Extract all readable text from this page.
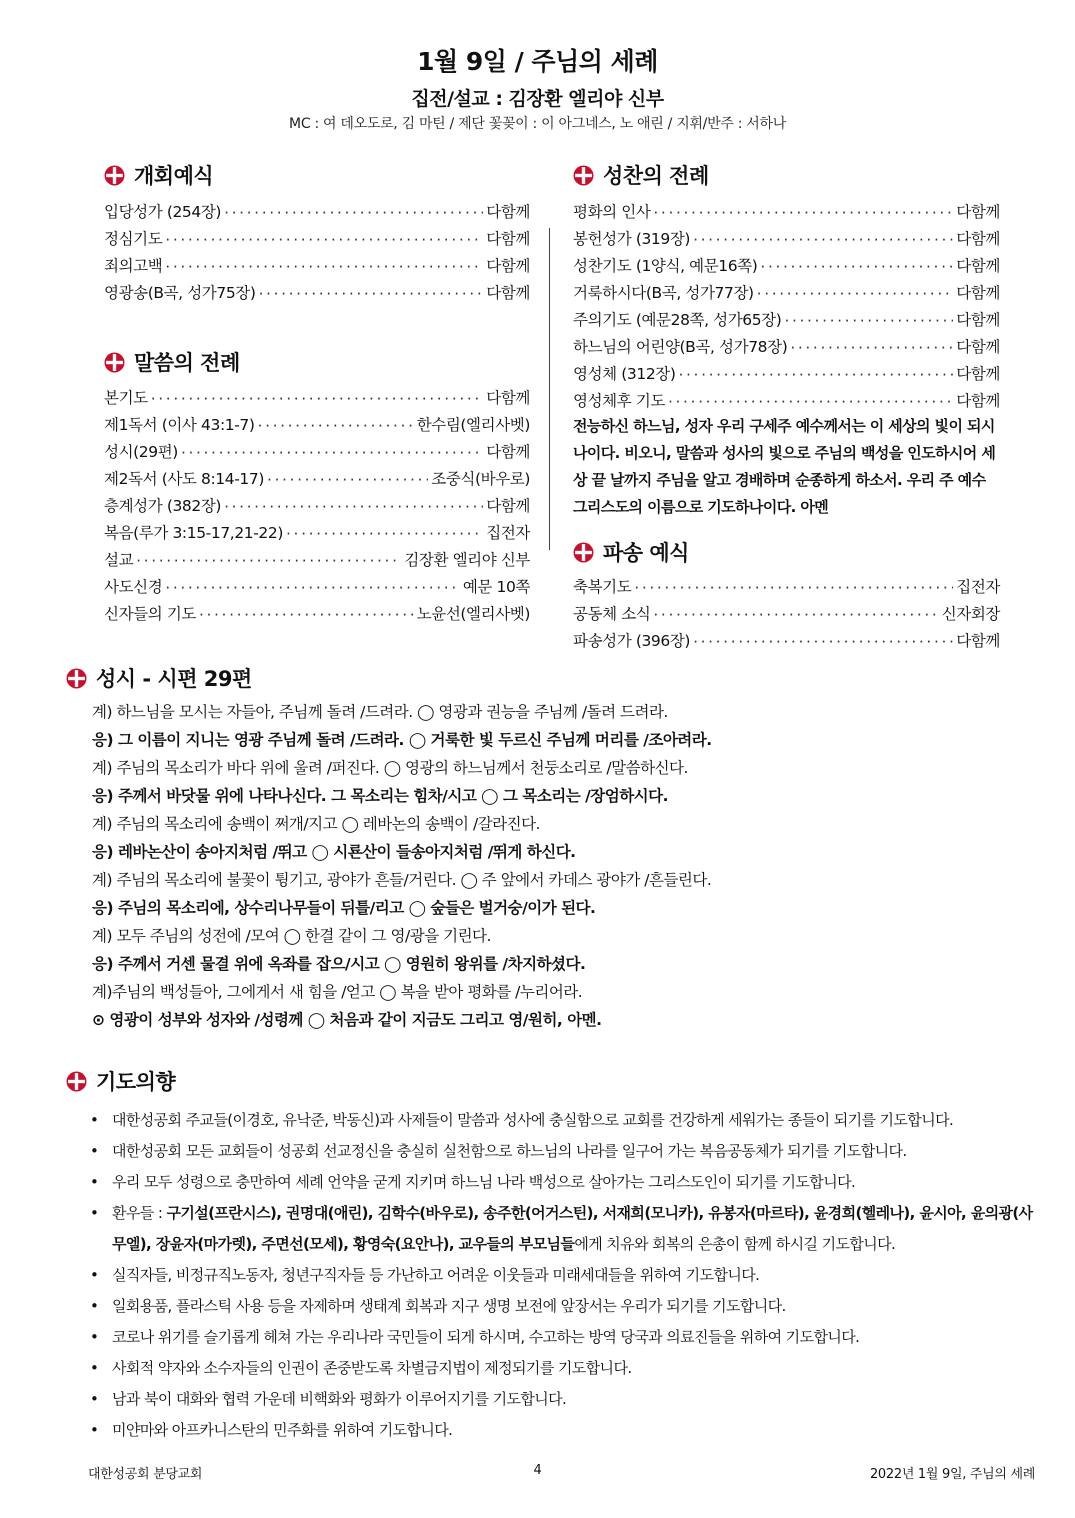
1월 9일 / 주님의 세례
집전/설교 : 김장환 엘리야 신부
MC : 여 데오도로, 김 마틴 / 제단 꽃꽂이 : 이 아그네스, 노 애린 / 지휘/반주 : 서하나
개회예식
입당성가 (254장) ·····	다함께
정심기도 ·····	다함께
죄의고백 ·····	다함께
영광송(B곡, 성가75장) ·····	다함께
말씀의 전례
본기도 ·····	다함께
제1독서 (이사 43:1-7) ·····	한수림(엘리사벳)
성시(29편) ·····	다함께
제2독서 (사도 8:14-17) ·····	조중식(바우로)
층계성가 (382장) ·····	다함께
복음(루가 3:15-17,21-22) ·····	집전자
설교 ·····	김장환 엘리야 신부
사도신경 ·····	예문 10쪽
신자들의 기도 ·····	노윤선(엘리사벳)
성찬의 전례
평화의 인사 ·····	다함께
봉헌성가 (319장) ·····	다함께
성찬기도 (1양식, 예문16쪽) ·····	다함께
거룩하시다(B곡, 성가77장) ·····	다함께
주의기도 (예문28쪽, 성가65장) ·····	다함께
하느님의 어린양(B곡, 성가78장) ·····	다함께
영성체 (312장) ·····	다함께
영성체후 기도 ·····	다함께
전능하신 하느님, 성자 우리 구세주 예수께서는 이 세상의 빛이 되시나이다. 비오니, 말씀과 성사의 빛으로 주님의 백성을 인도하시어 세상 끝 날까지 주님을 알고 경배하며 순종하게 하소서. 우리 주 예수 그리스도의 이름으로 기도하나이다. 아멘
파송 예식
축복기도 ·····	집전자
공동체 소식 ·····	신자회장
파송성가 (396장) ·····	다함께
성시 - 시편 29편
계) 하느님을 모시는 자들아, 주님께 돌려 /드려라. ◯ 영광과 권능을 주님께 /돌려 드려라.
응) 그 이름이 지니는 영광 주님께 돌려 /드려라. ◯ 거룩한 빛 두르신 주님께 머리를 /조아려라.
계) 주님의 목소리가 바다 위에 울려 /퍼진다. ◯ 영광의 하느님께서 천둥소리로 /말씀하신다.
응) 주께서 바닷물 위에 나타나신다. 그 목소리는 힘차/시고 ◯ 그 목소리는 /장엄하시다.
계) 주님의 목소리에 송백이 쩌개/지고 ◯ 레바논의 송백이 /갈라진다.
응) 레바논산이 송아지처럼 /뛰고 ◯ 시룐산이 들송아지처럼 /뛰게 하신다.
계) 주님의 목소리에 불꽃이 튕기고, 광야가 흔들/거린다. ◯ 주 앞에서 카데스 광야가 /흔들린다.
응) 주님의 목소리에, 상수리나무들이 뒤틀/리고 ◯ 숲들은 벌거숭/이가 된다.
계) 모두 주님의 성전에 /모여 ◯ 한결 같이 그 영/광을 기린다.
응) 주께서 거센 물결 위에 옥좌를 잡으/시고 ◯ 영원히 왕위를 /차지하셨다.
계)주님의 백성들아, 그에게서 새 힘을 /얻고 ◯ 복을 받아 평화를 /누리어라.
⊙ 영광이 성부와 성자와 /성령께 ◯ 처음과 같이 지금도 그리고 영/원히, 아멘.
기도의향
• 대한성공회 주교들(이경호, 유낙준, 박동신)과 사제들이 말씀과 성사에 충실함으로 교회를 건강하게 세워가는 종들이 되기를 기도합니다.
• 대한성공회 모든 교회들이 성공회 선교정신을 충실히 실천함으로 하느님의 나라를 일구어 가는 복음공동체가 되기를 기도합니다.
• 우리 모두 성령으로 충만하여 세례 언약을 굳게 지키며 하느님 나라 백성으로 살아가는 그리스도인이 되기를 기도합니다.
• 환우들 : 구기설(프란시스), 권명대(애린), 김학수(바우로), 송주한(어거스틴), 서재희(모니카), 유봉자(마르타), 윤경희(헬레나), 윤시아, 윤의광(사무엘), 장윤자(마가렛), 주면선(모세), 황영숙(요안나), 교우들의 부모님들에게 치유와 회복의 은총이 함께 하시길 기도합니다.
• 실직자들, 비정규직노동자, 청년구직자들 등 가난하고 어려운 이웃들과 미래세대들을 위하여 기도합니다.
• 일회용품, 플라스틱 사용 등을 자제하며 생태계 회복과 지구 생명 보전에 앞장서는 우리가 되기를 기도합니다.
• 코로나 위기를 슬기롭게 헤쳐 가는 우리나라 국민들이 되게 하시며, 수고하는 방역 당국과 의료진들을 위하여 기도합니다.
• 사회적 약자와 소수자들의 인권이 존중받도록 차별금지법이 제정되기를 기도합니다.
• 남과 북이 대화와 협력 가운데 비핵화와 평화가 이루어지기를 기도합니다.
• 미얀마와 아프카니스탄의 민주화를 위하여 기도합니다.
대한성공회 분당교회	4	2022년 1월 9일, 주님의 세례
